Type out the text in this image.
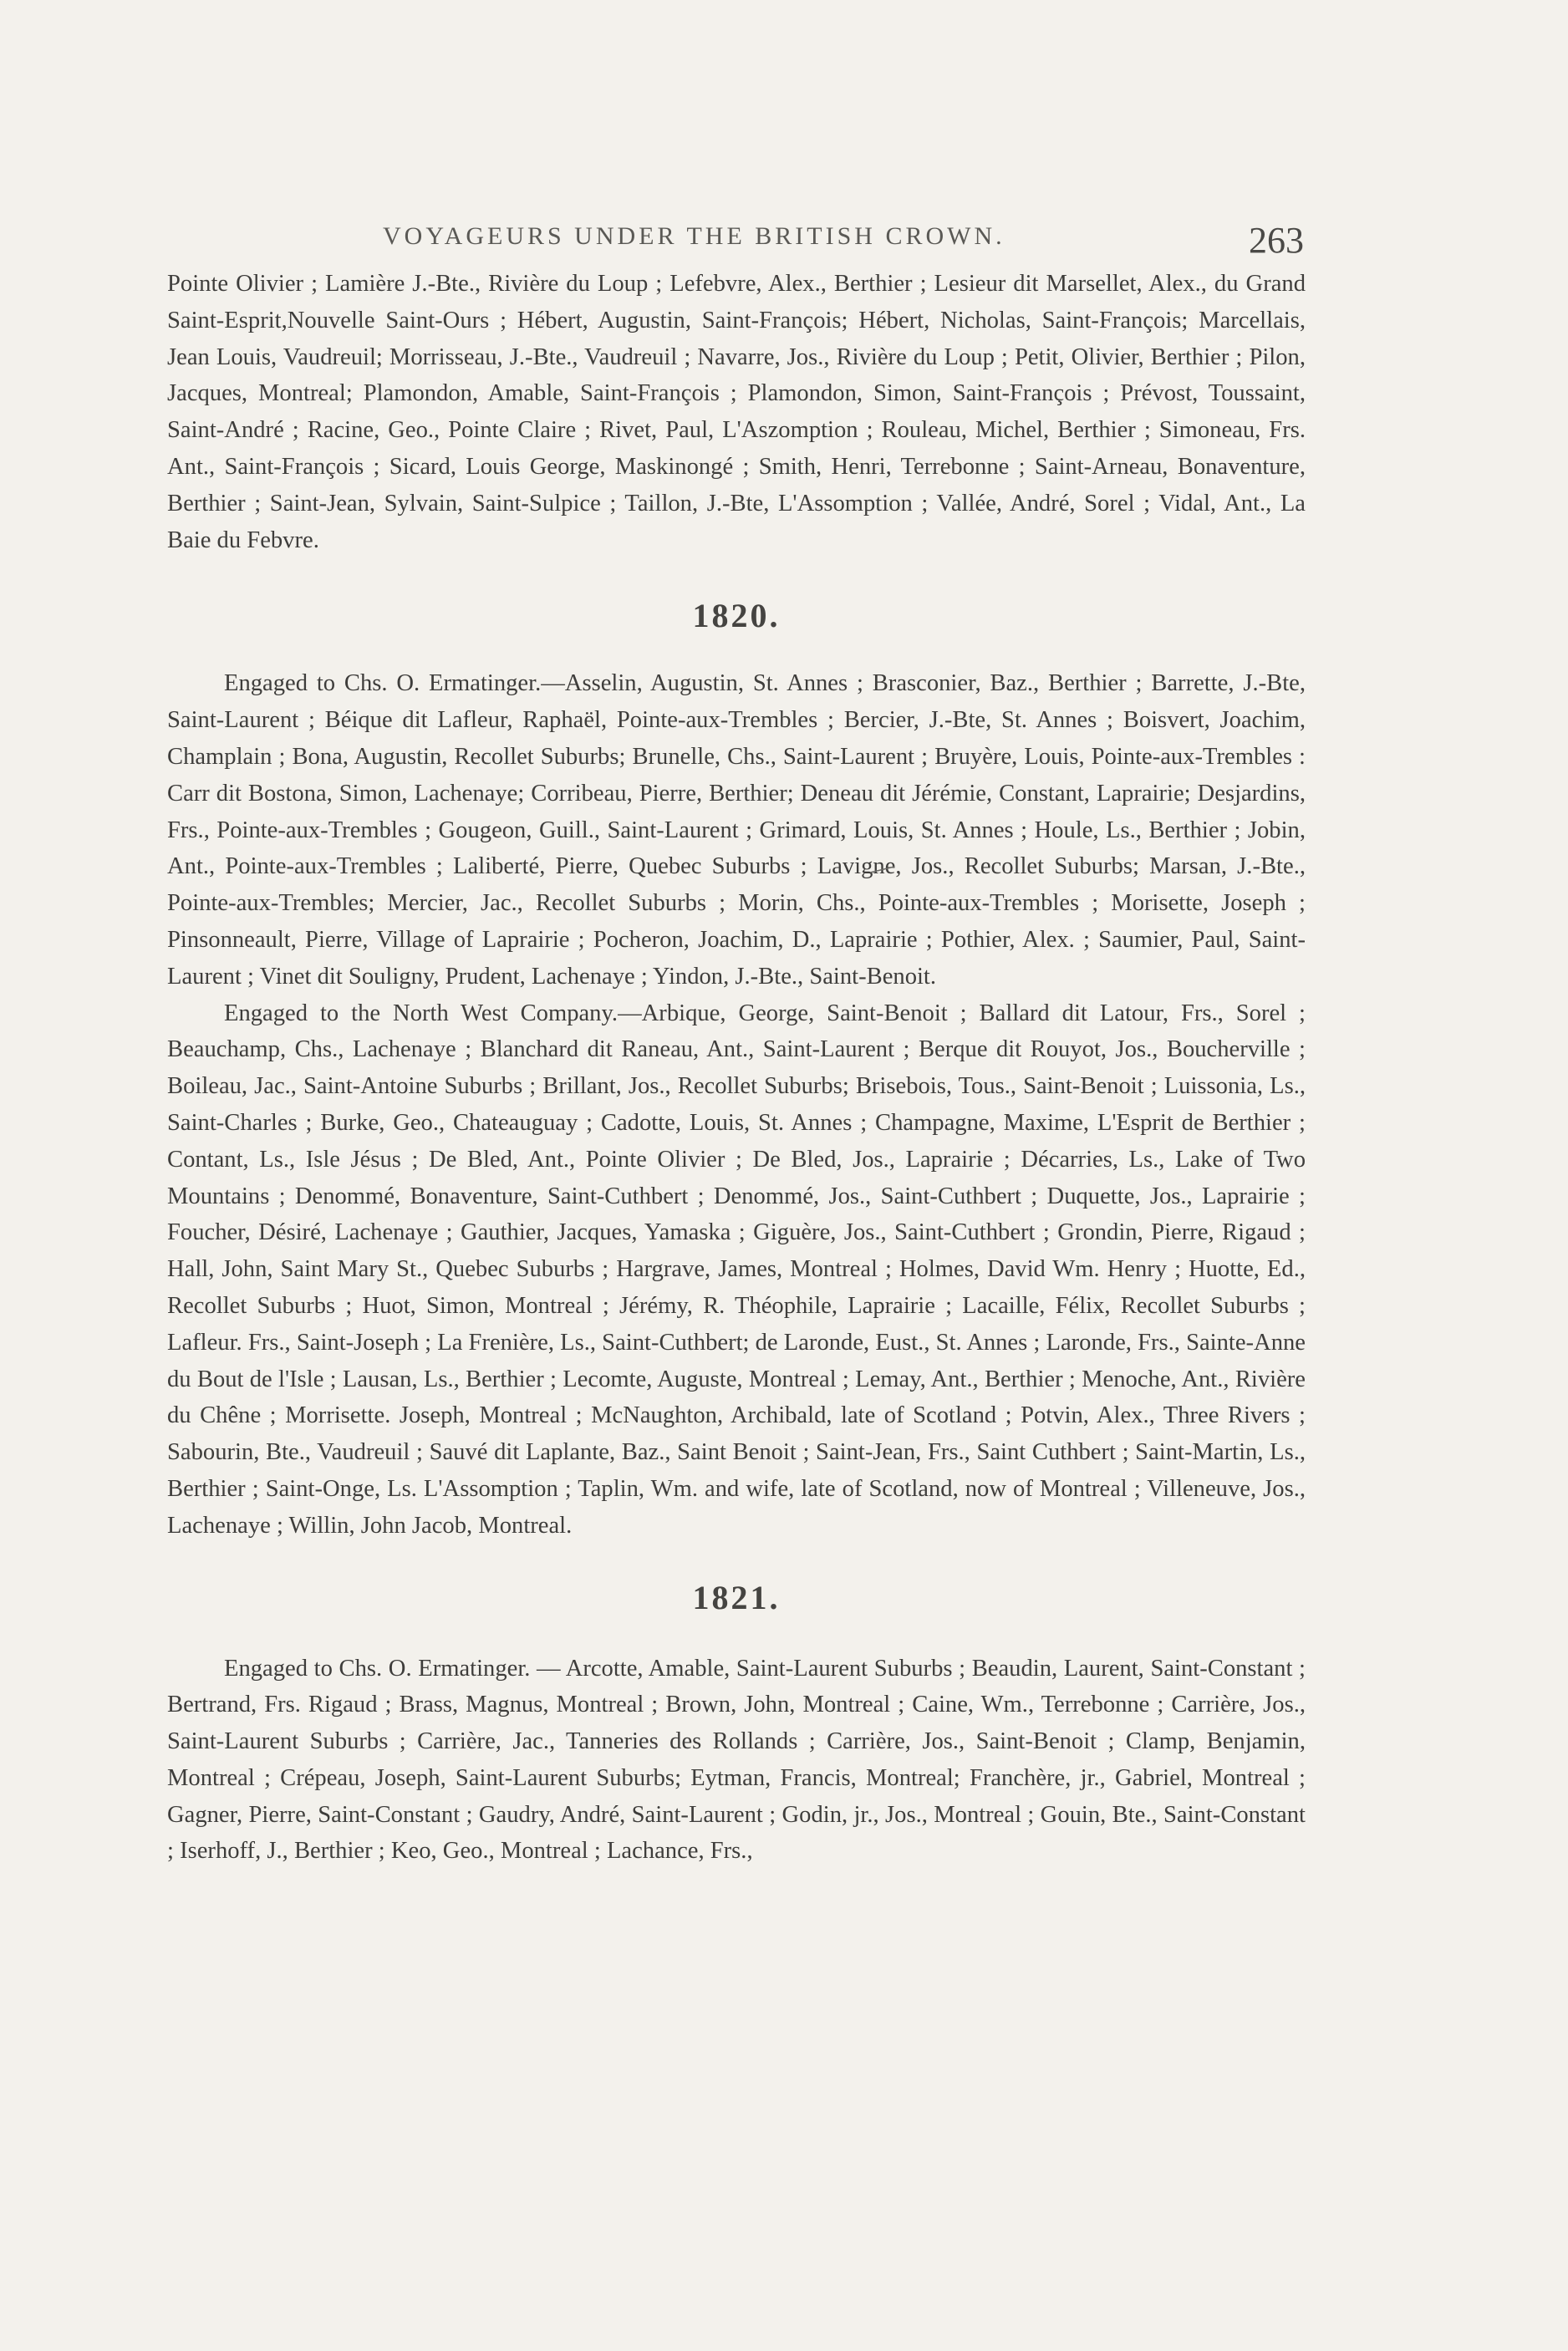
VOYAGEURS UNDER THE BRITISH CROWN.	263

Pointe Olivier ; Lamière J.-Bte., Rivière du Loup ; Lefebvre, Alex., Berthier ; Lesieur dit Marsellet, Alex., du Grand Saint-Esprit,Nouvelle Saint-Ours ; Hébert, Augustin, Saint-François; Hébert, Nicholas, Saint-François; Marcellais, Jean Louis, Vaudreuil; Morrisseau, J.-Bte., Vaudreuil ; Navarre, Jos., Rivière du Loup ; Petit, Olivier, Berthier ; Pilon, Jacques, Montreal; Plamondon, Amable, Saint-François ; Plamondon, Simon, Saint-François ; Prévost, Toussaint, Saint-André ; Racine, Geo., Pointe Claire ; Rivet, Paul, L'Aszomption ; Rouleau, Michel, Berthier ; Simoneau, Frs. Ant., Saint-François ; Sicard, Louis George, Maskinongé ; Smith, Henri, Terrebonne ; Saint-Arneau, Bonaventure, Berthier ; Saint-Jean, Sylvain, Saint-Sulpice ; Taillon, J.-Bte, L'Assomption ; Vallée, André, Sorel ; Vidal, Ant., La Baie du Febvre.

1820.

Engaged to Chs. O. Ermatinger.—Asselin, Augustin, St. Annes ; Brasconier, Baz., Berthier ; Barrette, J.-Bte, Saint-Laurent ; Béique dit Lafleur, Raphaël, Pointe-aux-Trembles ; Bercier, J.-Bte, St. Annes ; Boisvert, Joachim, Champlain ; Bona, Augustin, Recollet Suburbs; Brunelle, Chs., Saint-Laurent ; Bruyère, Louis, Pointe-aux-Trembles : Carr dit Bostona, Simon, Lachenaye; Corribeau, Pierre, Berthier; Deneau dit Jérémie, Constant, Laprairie; Desjardins, Frs., Pointe-aux-Trembles ; Gougeon, Guill., Saint-Laurent ; Grimard, Louis, St. Annes ; Houle, Ls., Berthier ; Jobin, Ant., Pointe-aux-Trembles ; Laliberté, Pierre, Quebec Suburbs ; Lavigne, Jos., Recollet Suburbs; Marsan, J.-Bte., Pointe-aux-Trembles; Mercier, Jac., Recollet Suburbs ; Morin, Chs., Pointe-aux-Trembles ; Morisette, Joseph ; Pinsonneault, Pierre, Village of Laprairie ; Pocheron, Joachim, D., Laprairie ; Pothier, Alex. ; Saumier, Paul, Saint-Laurent ; Vinet dit Souligny, Prudent, Lachenaye ; Yindon, J.-Bte., Saint-Benoit.

Engaged to the North West Company.—Arbique, George, Saint-Benoit ; Ballard dit Latour, Frs., Sorel ; Beauchamp, Chs., Lachenaye ; Blanchard dit Raneau, Ant., Saint-Laurent ; Berque dit Rouyot, Jos., Boucherville ; Boileau, Jac., Saint-Antoine Suburbs ; Brillant, Jos., Recollet Suburbs; Brisebois, Tous., Saint-Benoit ; Luissonia, Ls., Saint-Charles ; Burke, Geo., Chateauguay ; Cadotte, Louis, St. Annes ; Champagne, Maxime, L'Esprit de Berthier ; Contant, Ls., Isle Jésus ; De Bled, Ant., Pointe Olivier ; De Bled, Jos., Laprairie ; Décarries, Ls., Lake of Two Mountains ; Denommé, Bonaventure, Saint-Cuthbert ; Denommé, Jos., Saint-Cuthbert ; Duquette, Jos., Laprairie ; Foucher, Désiré, Lachenaye ; Gauthier, Jacques, Yamaska ; Giguère, Jos., Saint-Cuthbert ; Grondin, Pierre, Rigaud ; Hall, John, Saint Mary St., Quebec Suburbs ; Hargrave, James, Montreal ; Holmes, David Wm. Henry ; Huotte, Ed., Recollet Suburbs ; Huot, Simon, Montreal ; Jérémy, R. Théophile, Laprairie ; Lacaille, Félix, Recollet Suburbs ; Lafleur. Frs., Saint-Joseph ; La Frenière, Ls., Saint-Cuthbert; de Laronde, Eust., St. Annes ; Laronde, Frs., Sainte-Anne du Bout de l'Isle ; Lausan, Ls., Berthier ; Lecomte, Auguste, Montreal ; Lemay, Ant., Berthier ; Menoche, Ant., Rivière du Chêne ; Morrisette. Joseph, Montreal ; McNaughton, Archibald, late of Scotland ; Potvin, Alex., Three Rivers ; Sabourin, Bte., Vaudreuil ; Sauvé dit Laplante, Baz., Saint Benoit ; Saint-Jean, Frs., Saint Cuthbert ; Saint-Martin, Ls., Berthier ; Saint-Onge, Ls. L'Assomption ; Taplin, Wm. and wife, late of Scotland, now of Montreal ; Villeneuve, Jos., Lachenaye ; Willin, John Jacob, Montreal.

1821.

Engaged to Chs. O. Ermatinger. — Arcotte, Amable, Saint-Laurent Suburbs ; Beaudin, Laurent, Saint-Constant ; Bertrand, Frs. Rigaud ; Brass, Magnus, Montreal ; Brown, John, Montreal ; Caine, Wm., Terrebonne ; Carrière, Jos., Saint-Laurent Suburbs ; Carrière, Jac., Tanneries des Rollands ; Carrière, Jos., Saint-Benoit ; Clamp, Benjamin, Montreal ; Crépeau, Joseph, Saint-Laurent Suburbs; Eytman, Francis, Montreal; Franchère, jr., Gabriel, Montreal ; Gagner, Pierre, Saint-Constant ; Gaudry, André, Saint-Laurent ; Godin, jr., Jos., Montreal ; Gouin, Bte., Saint-Constant ; Iserhoff, J., Berthier ; Keo, Geo., Montreal ; Lachance, Frs.,
